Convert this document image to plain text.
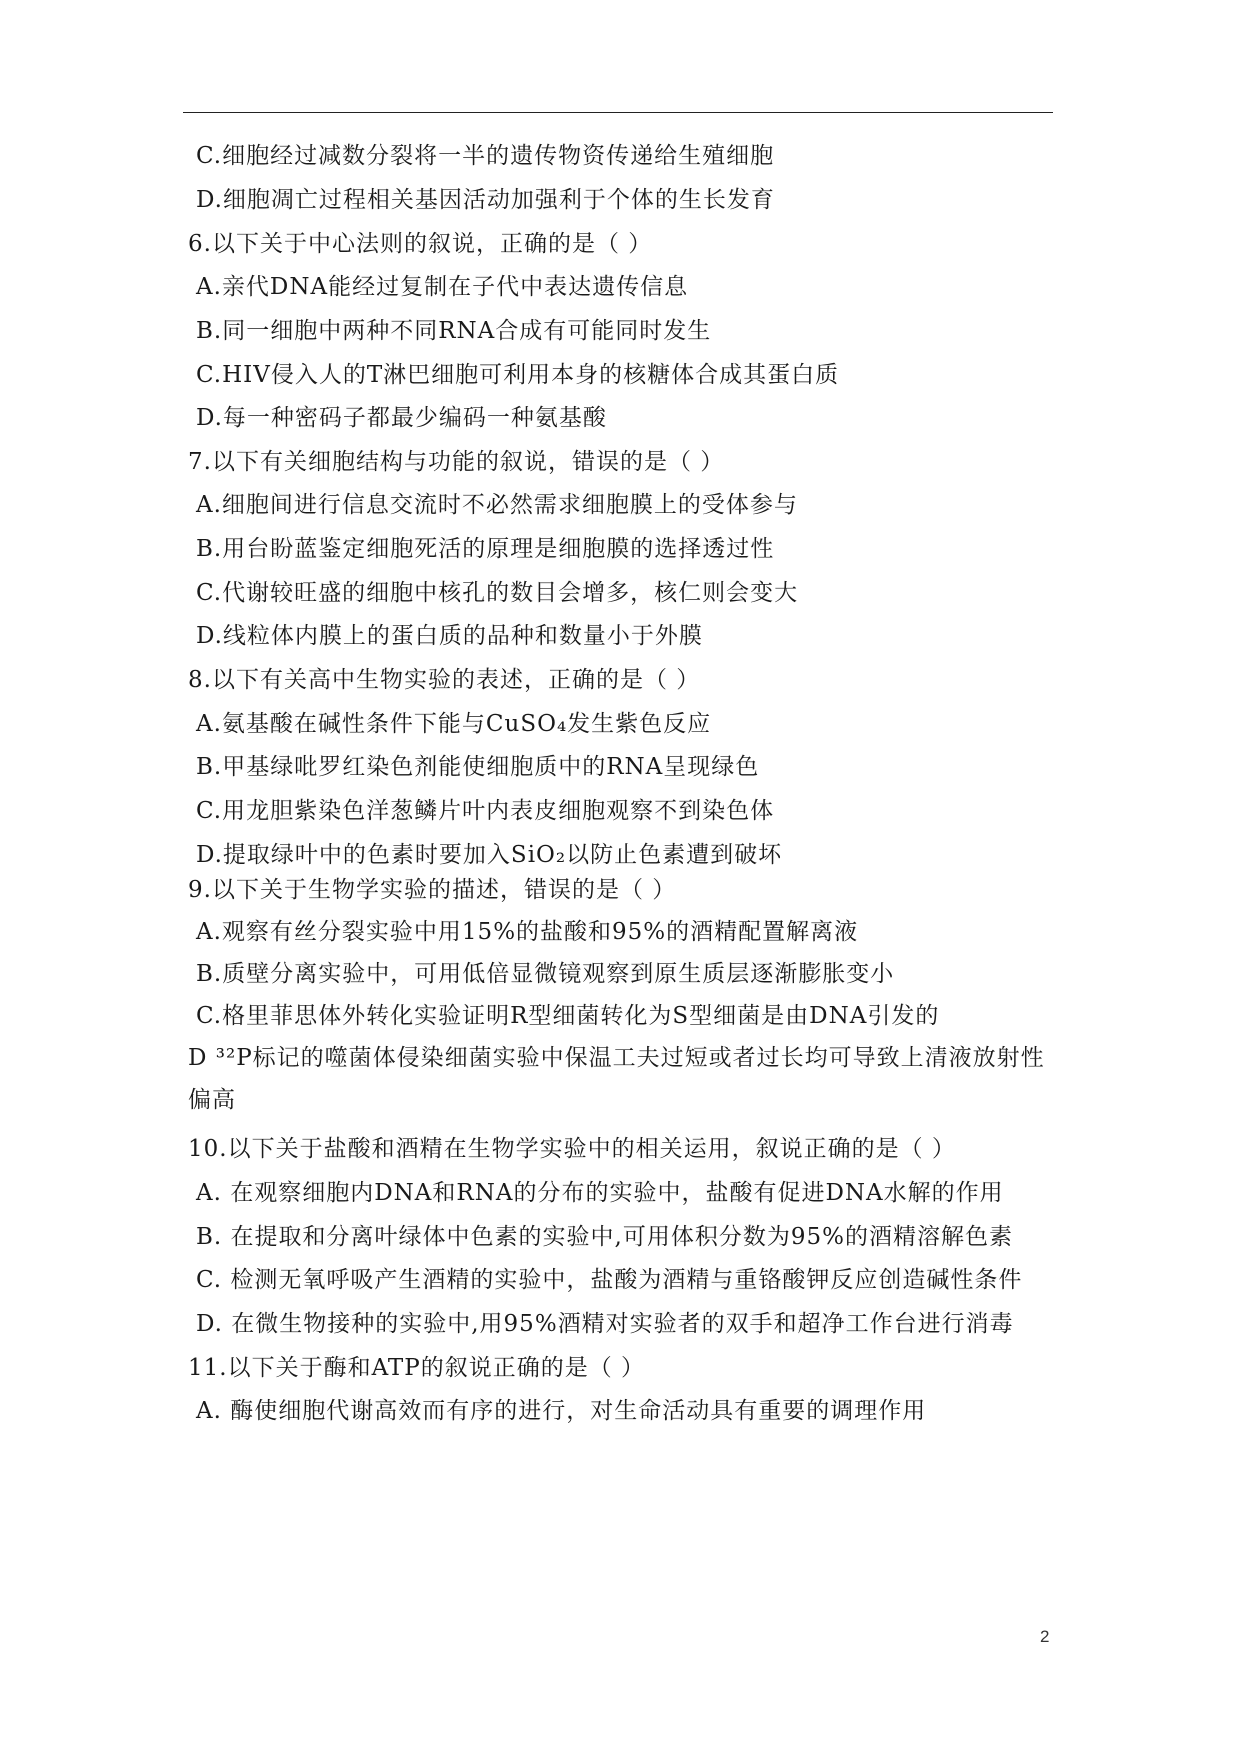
C.细胞经过减数分裂将一半的遗传物资传递给生殖细胞
D.细胞凋亡过程相关基因活动加强利于个体的生长发育
6.以下关于中心法则的叙说，正确的是（ ）
A.亲代DNA能经过复制在子代中表达遗传信息
B.同一细胞中两种不同RNA合成有可能同时发生
C.HIV侵入人的T淋巴细胞可利用本身的核糖体合成其蛋白质
D.每一种密码子都最少编码一种氨基酸
7.以下有关细胞结构与功能的叙说，错误的是（ ）
A.细胞间进行信息交流时不必然需求细胞膜上的受体参与
B.用台盼蓝鉴定细胞死活的原理是细胞膜的选择透过性
C.代谢较旺盛的细胞中核孔的数目会增多，核仁则会变大
D.线粒体内膜上的蛋白质的品种和数量小于外膜
8.以下有关高中生物实验的表述，正确的是（ ）
A.氨基酸在碱性条件下能与CuSO₄发生紫色反应
B.甲基绿吡罗红染色剂能使细胞质中的RNA呈现绿色
C.用龙胆紫染色洋葱鳞片叶内表皮细胞观察不到染色体
D.提取绿叶中的色素时要加入SiO₂以防止色素遭到破坏
9.以下关于生物学实验的描述，错误的是（ ）
A.观察有丝分裂实验中用15%的盐酸和95%的酒精配置解离液
B.质壁分离实验中，可用低倍显微镜观察到原生质层逐渐膨胀变小
C.格里菲思体外转化实验证明R型细菌转化为S型细菌是由DNA引发的
D ³²P标记的噬菌体侵染细菌实验中保温工夫过短或者过长均可导致上清液放射性
偏高
10.以下关于盐酸和酒精在生物学实验中的相关运用，叙说正确的是（ ）
A. 在观察细胞内DNA和RNA的分布的实验中，盐酸有促进DNA水解的作用
B. 在提取和分离叶绿体中色素的实验中,可用体积分数为95%的酒精溶解色素
C. 检测无氧呼吸产生酒精的实验中，盐酸为酒精与重铬酸钾反应创造碱性条件
D. 在微生物接种的实验中,用95%酒精对实验者的双手和超净工作台进行消毒
11.以下关于酶和ATP的叙说正确的是（ ）
A. 酶使细胞代谢高效而有序的进行，对生命活动具有重要的调理作用
2
